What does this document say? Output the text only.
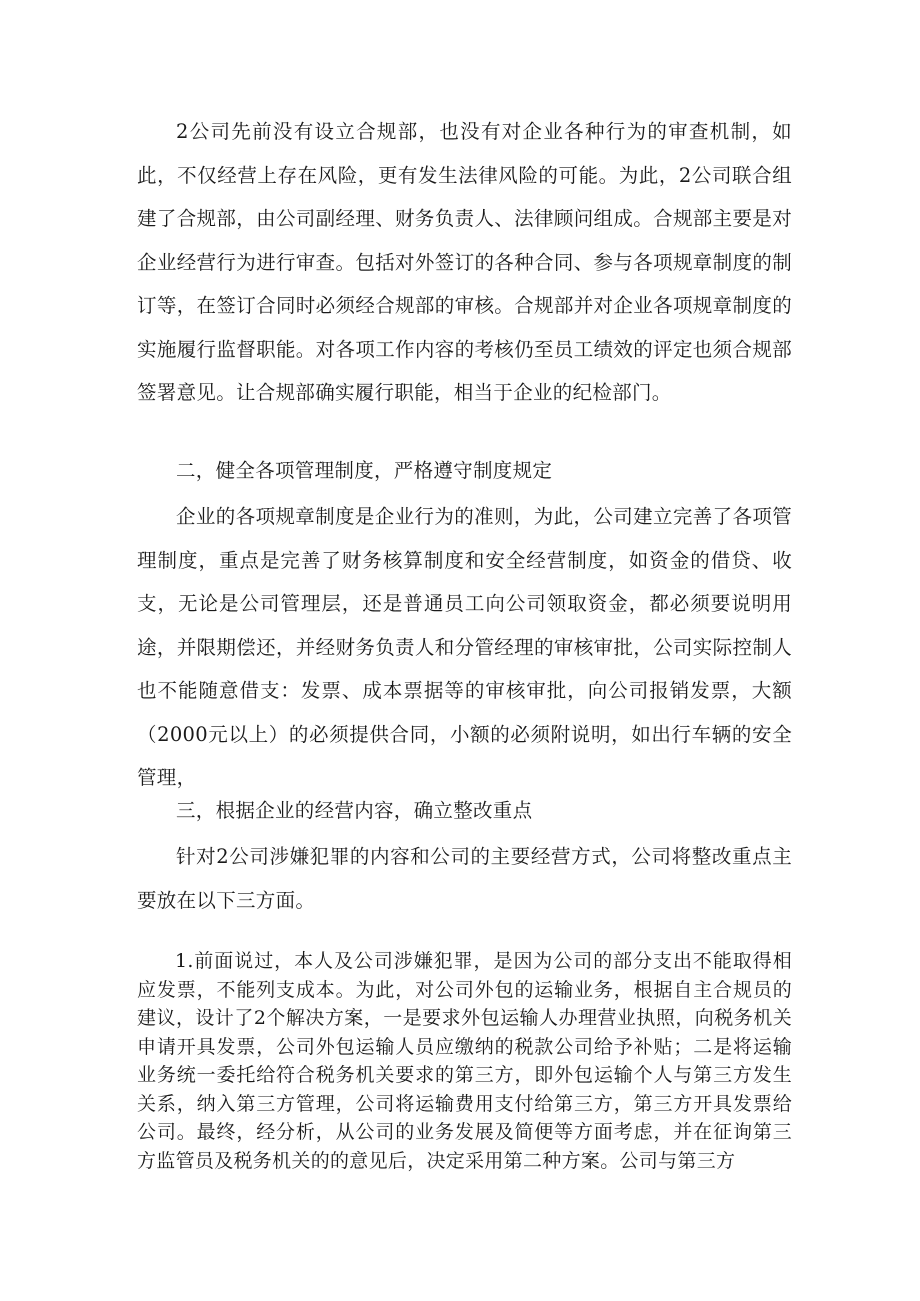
2公司先前没有设立合规部，也没有对企业各种行为的审查机制，如此，不仅经营上存在风险，更有发生法律风险的可能。为此，2公司联合组建了合规部，由公司副经理、财务负责人、法律顾问组成。合规部主要是对企业经营行为进行审查。包括对外签订的各种合同、参与各项规章制度的制订等，在签订合同时必须经合规部的审核。合规部并对企业各项规章制度的实施履行监督职能。对各项工作内容的考核仍至员工绩效的评定也须合规部签署意见。让合规部确实履行职能，相当于企业的纪检部门。

二，健全各项管理制度，严格遵守制度规定

企业的各项规章制度是企业行为的准则，为此，公司建立完善了各项管理制度，重点是完善了财务核算制度和安全经营制度，如资金的借贷、收支，无论是公司管理层，还是普通员工向公司领取资金，都必须要说明用途，并限期偿还，并经财务负责人和分管经理的审核审批，公司实际控制人也不能随意借支：发票、成本票据等的审核审批，向公司报销发票，大额（2000元以上）的必须提供合同，小额的必须附说明，如出行车辆的安全管理，

三，根据企业的经营内容，确立整改重点

针对2公司涉嫌犯罪的内容和公司的主要经营方式，公司将整改重点主要放在以下三方面。

1.前面说过，本人及公司涉嫌犯罪，是因为公司的部分支出不能取得相应发票，不能列支成本。为此，对公司外包的运输业务，根据自主合规员的建议，设计了2个解决方案，一是要求外包运输人办理营业执照，向税务机关申请开具发票，公司外包运输人员应缴纳的税款公司给予补贴；二是将运输业务统一委托给符合税务机关要求的第三方，即外包运输个人与第三方发生关系，纳入第三方管理，公司将运输费用支付给第三方，第三方开具发票给公司。最终，经分析，从公司的业务发展及简便等方面考虑，并在征询第三方监管员及税务机关的的意见后，决定采用第二种方案。公司与第三方
